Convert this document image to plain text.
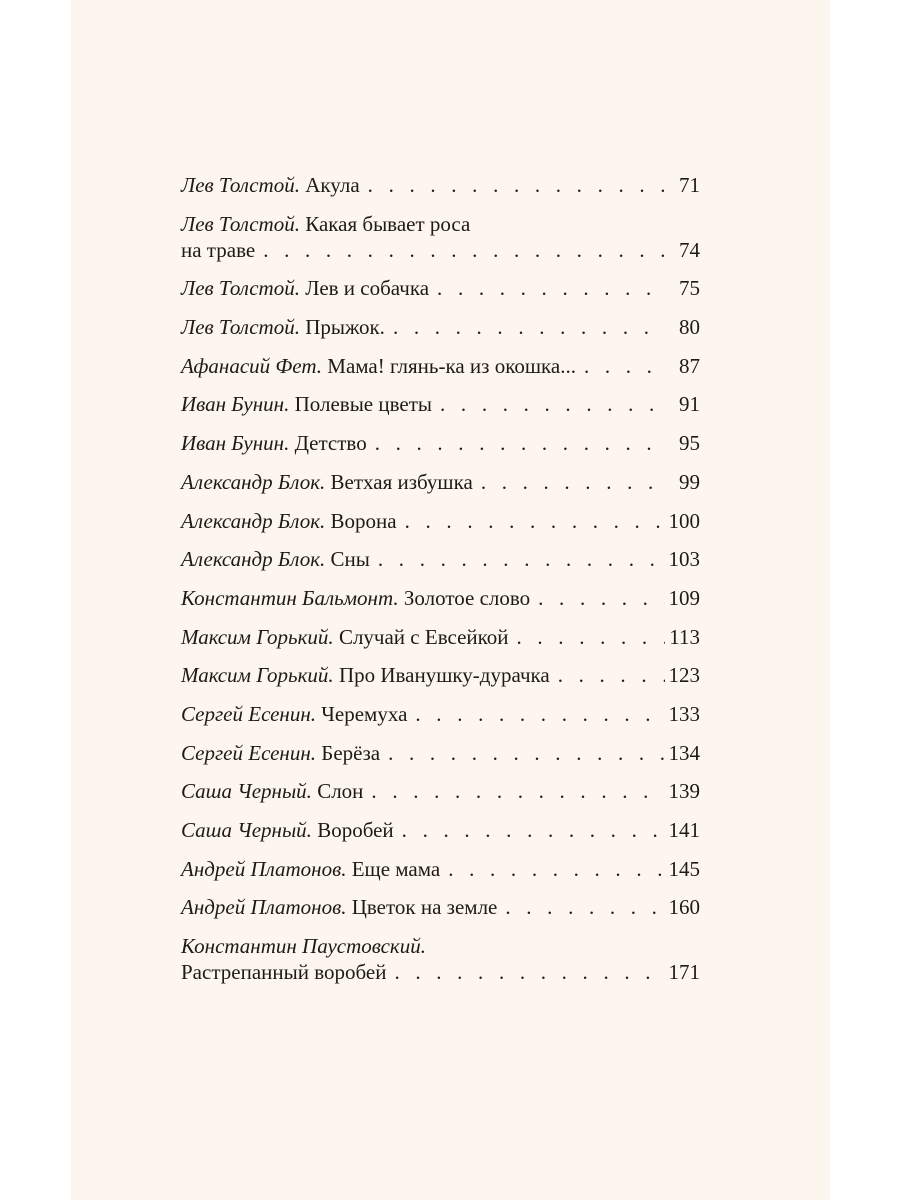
Лев Толстой. Акула . . .	71
Лев Толстой. Какая бывает роса
на траве . . .	74
Лев Толстой. Лев и собачка . . .	75
Лев Толстой. Прыжок. . . .	80
Афанасий Фет. Мама! глянь-ка из окошка... . . .	87
Иван Бунин. Полевые цветы . . .	91
Иван Бунин. Детство . . .	95
Александр Блок. Ветхая избушка . . .	99
Александр Блок. Ворона . . .	100
Александр Блок. Сны . . .	103
Константин Бальмонт. Золотое слово . . .	109
Максим Горький. Случай с Евсейкой . . .	113
Максим Горький. Про Иванушку-дурачка . . .	123
Сергей Есенин. Черемуха . . .	133
Сергей Есенин. Берёза . . .	134
Саша Черный. Слон . . .	139
Саша Черный. Воробей . . .	141
Андрей Платонов. Еще мама . . .	145
Андрей Платонов. Цветок на земле . . .	160
Константин Паустовский.
Растрепанный воробей . . .	171
